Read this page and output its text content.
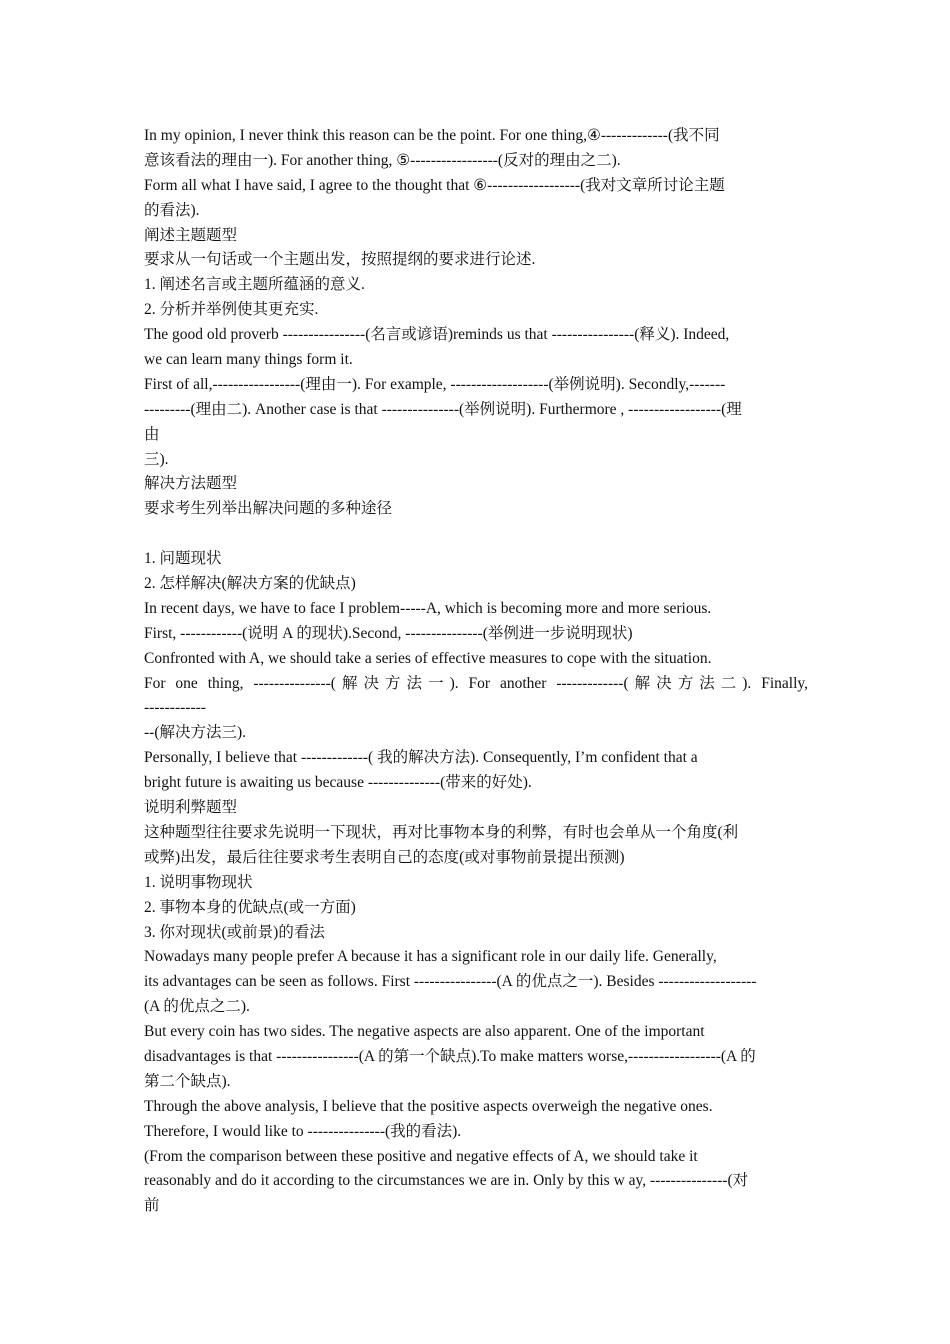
In my opinion, I never think this reason can be the point. For one thing,④-------------(我不同
意该看法的理由一). For another thing, ⑤-----------------(反对的理由之二).
Form all what I have said, I agree to the thought that ⑥------------------(我对文章所讨论主题
的看法).
阐述主题题型
要求从一句话或一个主题出发，按照提纲的要求进行论述.
1. 阐述名言或主题所蕴涵的意义.
2. 分析并举例使其更充实.
The good old proverb ----------------(名言或谚语)reminds us that ----------------(释义). Indeed,
we can learn many things form it.
First of all,-----------------(理由一). For example, -------------------(举例说明). Secondly,-------
---------(理由二). Another case is that ---------------(举例说明). Furthermore , ------------------(理
由
三).
解决方法题型
要求考生列举出解决问题的多种途径
1. 问题现状
2. 怎样解决(解决方案的优缺点)
In recent days, we have to face I problem-----A, which is becoming more and more serious.
First, ------------(说明 A 的现状).Second, ---------------(举例进一步说明现状)
Confronted with A, we should take a series of effective measures to cope with the situation.
For one thing, ---------------(解决方法一). For another -------------(解决方法二). Finally,
------------
--(解决方法三).
Personally, I believe that -------------( 我的解决方法). Consequently, I’m confident that a
bright future is awaiting us because --------------(带来的好处).
说明利弊题型
这种题型往往要求先说明一下现状，再对比事物本身的利弊，有时也会单从一个角度(利
或弊)出发，最后往往要求考生表明自己的态度(或对事物前景提出预测)
1. 说明事物现状
2. 事物本身的优缺点(或一方面)
3. 你对现状(或前景)的看法
Nowadays many people prefer A because it has a significant role in our daily life. Generally,
its advantages can be seen as follows. First ----------------(A 的优点之一). Besides -------------------
(A 的优点之二).
But every coin has two sides. The negative aspects are also apparent. One of the important
disadvantages is that ----------------(A 的第一个缺点).To make matters worse,------------------(A 的
第二个缺点).
Through the above analysis, I believe that the positive aspects overweigh the negative ones.
Therefore, I would like to ---------------(我的看法).
(From the comparison between these positive and negative effects of A, we should take it
reasonably and do it according to the circumstances we are in. Only by this w ay, ---------------(对
前
